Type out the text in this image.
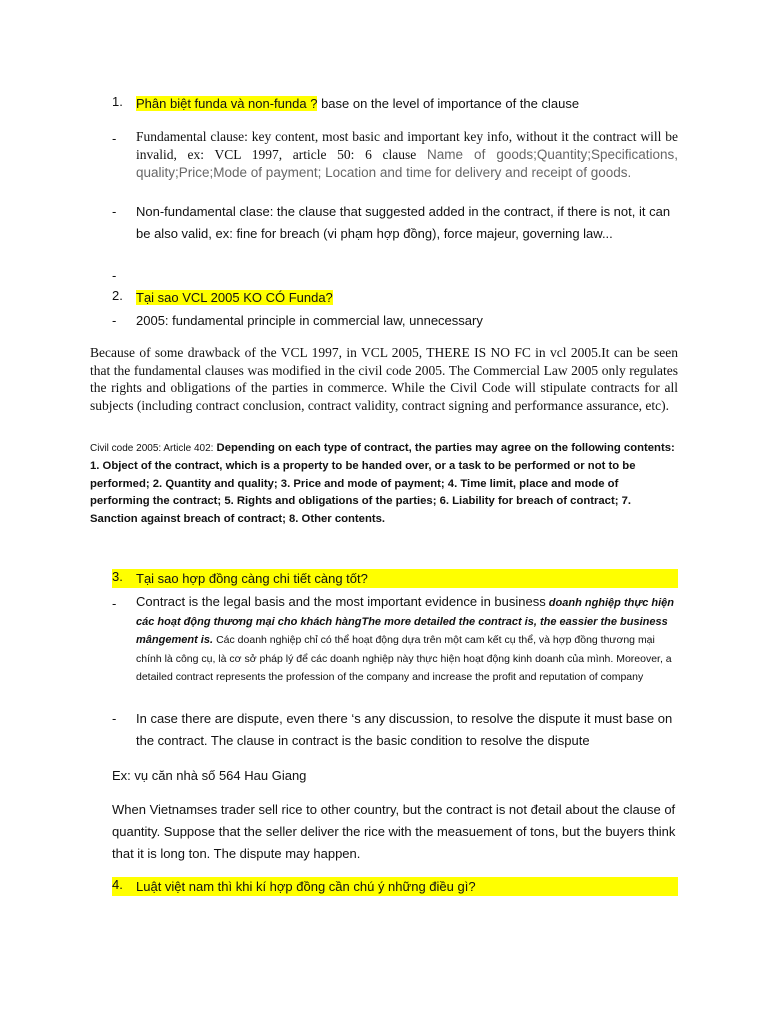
1. Phân biệt funda và non-funda ? base on the level of importance of the clause
-	Fundamental clause: key content, most basic and important key info, without it the contract will be invalid, ex: VCL 1997, article 50: 6 clause Name of goods;Quantity;Specifications, quality;Price;Mode of payment; Location and time for delivery and receipt of goods.
-	Non-fundamental clase: the clause that suggested added in the contract, if there is not, it can be also valid, ex: fine for breach (vi phạm hợp đồng), force majeur, governing law...
-
2. Tại sao VCL 2005 KO CÓ Funda?
-	2005: fundamental principle in commercial law, unnecessary
Because of some drawback of the VCL 1997, in VCL 2005, THERE IS NO FC in vcl 2005.It can be seen that the fundamental clauses was modified in the civil code 2005. The Commercial Law 2005 only regulates the rights and obligations of the parties in commerce. While the Civil Code will stipulate contracts for all subjects (including contract conclusion, contract validity, contract signing and performance assurance, etc).
Civil code 2005: Article 402: Depending on each type of contract, the parties may agree on the following contents: 1. Object of the contract, which is a property to be handed over, or a task to be performed or not to be performed; 2. Quantity and quality; 3. Price and mode of payment; 4. Time limit, place and mode of performing the contract; 5. Rights and obligations of the parties; 6. Liability for breach of contract; 7. Sanction against breach of contract; 8. Other contents.
3. Tại sao hợp đồng càng chi tiết càng tốt?
-	Contract is the legal basis and the most important evidence in business doanh nghiệp thực hiện các hoạt động thương mại cho khách hàngThe more detailed the contract is, the eassier the business mângement is. Các doanh nghiệp chỉ có thể hoạt động dựa trên một cam kết cụ thể, và hợp đồng thương mại chính là công cụ, là cơ sở pháp lý để các doanh nghiệp này thực hiện hoạt động kinh doanh của mình. Moreover, a detailed contract represents the profession of the company and increase the profit and reputation of company
-	In case there are dispute, even there ‘s any discussion, to resolve the dispute it must base on the contract. The clause in contract is the basic condition to resolve the dispute
Ex: vụ căn nhà số 564 Hau Giang
When Vietnamses trader sell rice to other country, but the contract is not đetail about the clause of quantity. Suppose that the seller deliver the rice with the measuement of tons, but the buyers think that it is long ton. The dispute may happen.
4. Luật việt nam thì khi kí hợp đồng cần chú ý những điều gì?
